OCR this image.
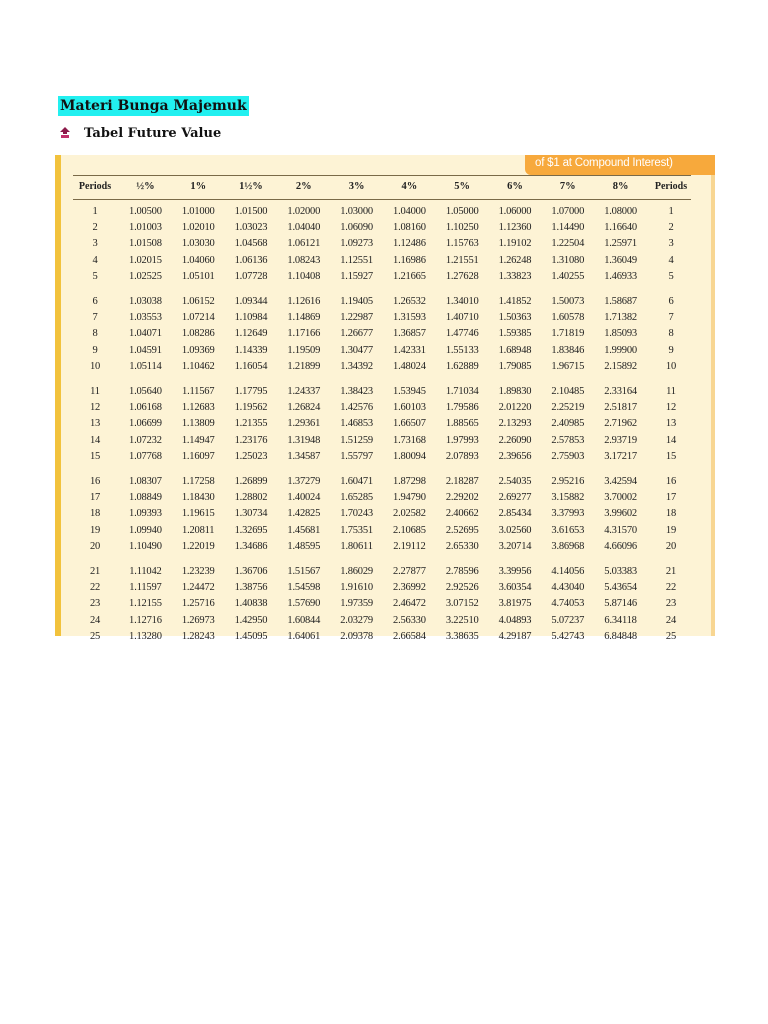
Materi Bunga Majemuk
Tabel Future Value
of $1 at Compound Interest)
Periods	½%	1%	1½%	2%	3%	4%	5%	6%	7%	8%	Periods
1	1.00500	1.01000	1.01500	1.02000	1.03000	1.04000	1.05000	1.06000	1.07000	1.08000	1
2	1.01003	1.02010	1.03023	1.04040	1.06090	1.08160	1.10250	1.12360	1.14490	1.16640	2
3	1.01508	1.03030	1.04568	1.06121	1.09273	1.12486	1.15763	1.19102	1.22504	1.25971	3
4	1.02015	1.04060	1.06136	1.08243	1.12551	1.16986	1.21551	1.26248	1.31080	1.36049	4
5	1.02525	1.05101	1.07728	1.10408	1.15927	1.21665	1.27628	1.33823	1.40255	1.46933	5

6	1.03038	1.06152	1.09344	1.12616	1.19405	1.26532	1.34010	1.41852	1.50073	1.58687	6
7	1.03553	1.07214	1.10984	1.14869	1.22987	1.31593	1.40710	1.50363	1.60578	1.71382	7
8	1.04071	1.08286	1.12649	1.17166	1.26677	1.36857	1.47746	1.59385	1.71819	1.85093	8
9	1.04591	1.09369	1.14339	1.19509	1.30477	1.42331	1.55133	1.68948	1.83846	1.99900	9
10	1.05114	1.10462	1.16054	1.21899	1.34392	1.48024	1.62889	1.79085	1.96715	2.15892	10

11	1.05640	1.11567	1.17795	1.24337	1.38423	1.53945	1.71034	1.89830	2.10485	2.33164	11
12	1.06168	1.12683	1.19562	1.26824	1.42576	1.60103	1.79586	2.01220	2.25219	2.51817	12
13	1.06699	1.13809	1.21355	1.29361	1.46853	1.66507	1.88565	2.13293	2.40985	2.71962	13
14	1.07232	1.14947	1.23176	1.31948	1.51259	1.73168	1.97993	2.26090	2.57853	2.93719	14
15	1.07768	1.16097	1.25023	1.34587	1.55797	1.80094	2.07893	2.39656	2.75903	3.17217	15

16	1.08307	1.17258	1.26899	1.37279	1.60471	1.87298	2.18287	2.54035	2.95216	3.42594	16
17	1.08849	1.18430	1.28802	1.40024	1.65285	1.94790	2.29202	2.69277	3.15882	3.70002	17
18	1.09393	1.19615	1.30734	1.42825	1.70243	2.02582	2.40662	2.85434	3.37993	3.99602	18
19	1.09940	1.20811	1.32695	1.45681	1.75351	2.10685	2.52695	3.02560	3.61653	4.31570	19
20	1.10490	1.22019	1.34686	1.48595	1.80611	2.19112	2.65330	3.20714	3.86968	4.66096	20

21	1.11042	1.23239	1.36706	1.51567	1.86029	2.27877	2.78596	3.39956	4.14056	5.03383	21
22	1.11597	1.24472	1.38756	1.54598	1.91610	2.36992	2.92526	3.60354	4.43040	5.43654	22
23	1.12155	1.25716	1.40838	1.57690	1.97359	2.46472	3.07152	3.81975	4.74053	5.87146	23
24	1.12716	1.26973	1.42950	1.60844	2.03279	2.56330	3.22510	4.04893	5.07237	6.34118	24
25	1.13280	1.28243	1.45095	1.64061	2.09378	2.66584	3.38635	4.29187	5.42743	6.84848	25
